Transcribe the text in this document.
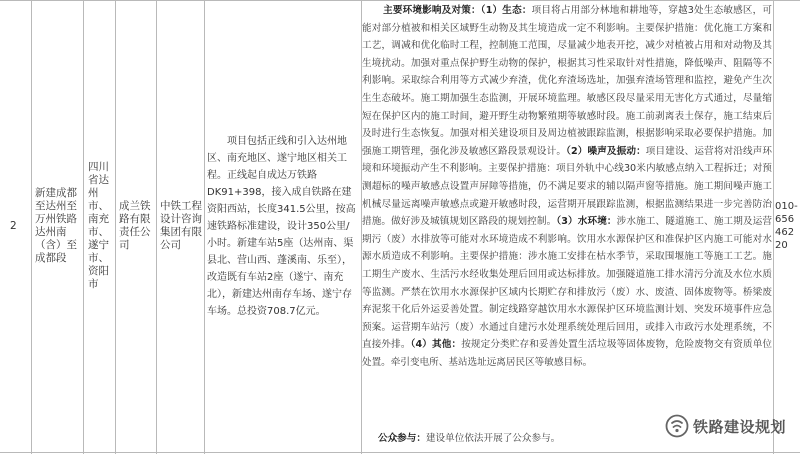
2
新建成都至达州至万州铁路达州南（含）至成都段
四川省达州市、南充市、遂宁市、资阳市
成兰铁路有限责任公司
中铁工程设计咨询集团有限公司
项目包括正线和引入达州地区、南充地区、遂宁地区相关工程。正线起自成达万铁路DK91+398，接入成自铁路在建资阳西站，长度341.5公里，按高速铁路标准建设，设计350公里/小时。新建车站5座（达州南、渠县北、营山西、蓬溪南、乐至），改造既有车站2座（遂宁、南充北），新建达州南存车场、遂宁存车场。总投资708.7亿元。
主要环境影响及对策：（1）生态：项目将占用部分林地和耕地等，穿越3处生态敏感区，可能对部分植被和相关区域野生动物及其生境造成一定不利影响。主要保护措施：优化施工方案和工艺，调减和优化临时工程，控制施工范围，尽量减少地表开挖，减少对植被占用和对动物及其生境扰动。加强对重点保护野生动物的保护，根据其习性采取针对性措施，降低噪声、阻隔等不利影响。采取综合利用等方式减少弃渣，优化弃渣场选址，加强弃渣场管理和监控，避免产生次生生态破坏。施工期加强生态监测，开展环境监理。敏感区段尽量采用无害化方式通过，尽量缩短在保护区内的施工时间，避开野生动物繁殖期等敏感时段。施工前剥离表土保存，施工结束后及时进行生态恢复。加强对相关建设项目及周边植被跟踪监测，根据影响采取必要保护措施。加强施工期管理，强化涉及敏感区路段景观设计。（2）噪声及振动：项目建设、运营将对沿线声环境和环境振动产生不利影响。主要保护措施：项目外轨中心线30米内敏感点纳入工程拆迁；对预测超标的噪声敏感点设置声屏障等措施，仍不满足要求的辅以隔声窗等措施。施工期间噪声施工机械尽量远离噪声敏感点或避开敏感时段，运营期开展跟踪监测，根据监测结果进一步完善防治措施。做好涉及城镇规划区路段的规划控制。（3）水环境：涉水施工、隧道施工、施工期及运营期污（废）水排放等可能对水环境造成不利影响。饮用水水源保护区和准保护区内施工可能对水源水质造成不利影响。主要保护措施：涉水施工安排在枯水季节，采取围堰施工等施工工艺。施工期生产废水、生活污水经收集处理后回用或达标排放。加强隧道施工排水清污分流及水位水质等监测。严禁在饮用水水源保护区域内长期贮存和排放污（废）水、废渣、固体废物等。桥梁废弃泥浆干化后外运妥善处置。制定线路穿越饮用水水源保护区环境监测计划、突发环境事件应急预案。运营期车站污（废）水通过自建污水处理系统处理后回用，或排入市政污水处理系统，不直接外排。（4）其他：按规定分类贮存和妥善处置生活垃圾等固体废物，危险废物交有资质单位处置。牵引变电所、基站选址远离居民区等敏感目标。
公众参与：建设单位依法开展了公众参与。
010-65646220
铁路建设规划
